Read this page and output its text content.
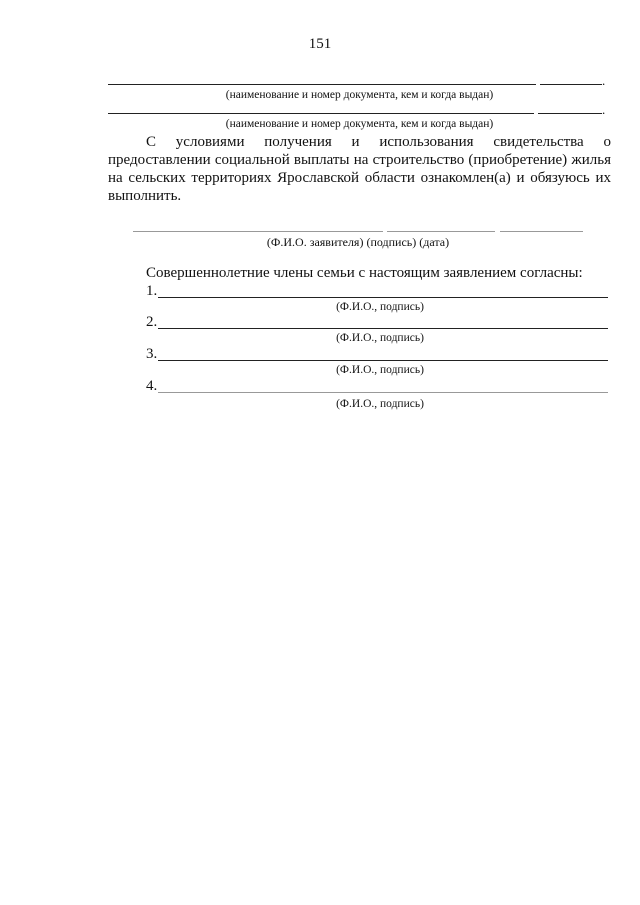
151
.
(наименование и номер документа, кем и когда выдан)
.
(наименование и номер документа, кем и когда выдан)
С условиями получения и использования свидетельства о
предоставлении социальной выплаты на строительство (приобретение) жилья
на сельских территориях Ярославской области ознакомлен(а) и обязуюсь их
выполнить.
(Ф.И.О. заявителя) (подпись) (дата)
Совершеннолетние члены семьи с настоящим заявлением согласны:
1.
(Ф.И.О., подпись)
2.
(Ф.И.О., подпись)
3.
(Ф.И.О., подпись)
4.
(Ф.И.О., подпись)
